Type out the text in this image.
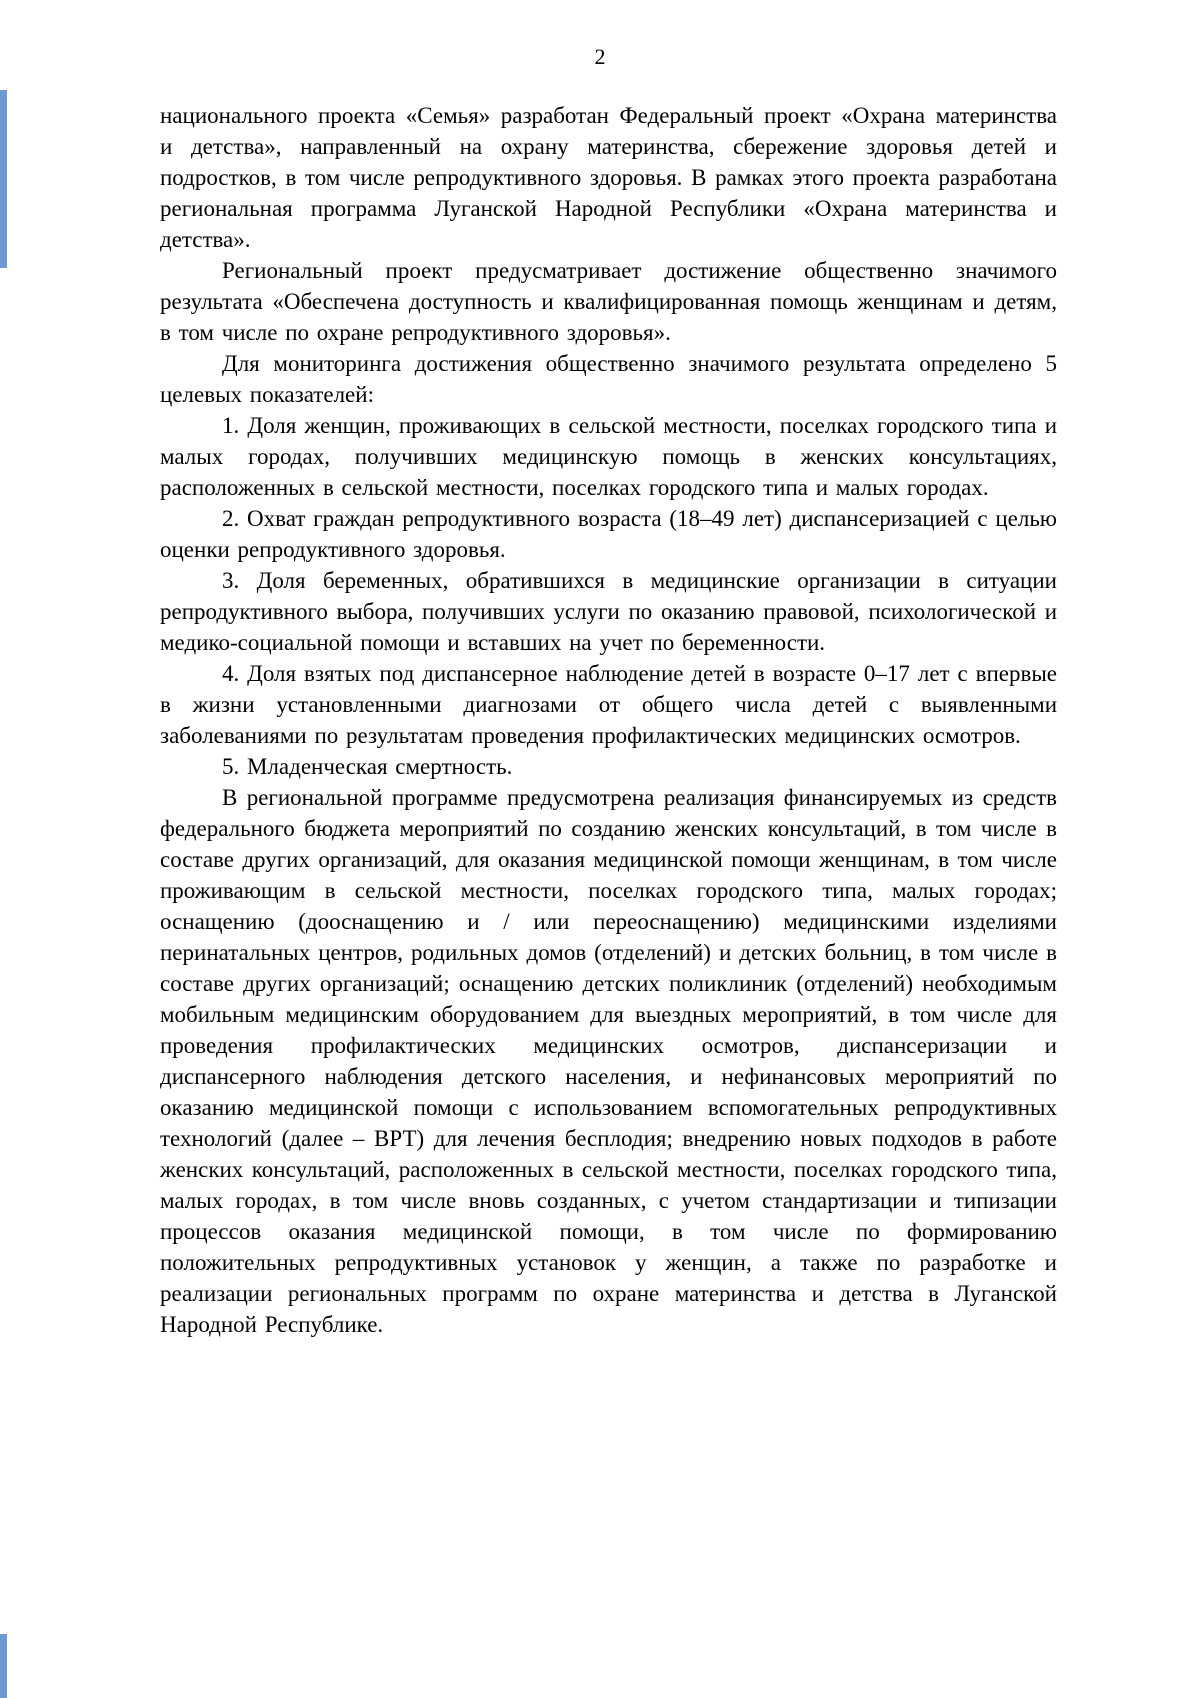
2

национального проекта «Семья» разработан Федеральный проект «Охрана материнства и детства», направленный на охрану материнства, сбережение здоровья детей и подростков, в том числе репродуктивного здоровья. В рамках этого проекта разработана региональная программа Луганской Народной Республики «Охрана материнства и детства».

Региональный проект предусматривает достижение общественно значимого результата «Обеспечена доступность и квалифицированная помощь женщинам и детям, в том числе по охране репродуктивного здоровья».

Для мониторинга достижения общественно значимого результата определено 5 целевых показателей:

1. Доля женщин, проживающих в сельской местности, поселках городского типа и малых городах, получивших медицинскую помощь в женских консультациях, расположенных в сельской местности, поселках городского типа и малых городах.

2. Охват граждан репродуктивного возраста (18–49 лет) диспансеризацией с целью оценки репродуктивного здоровья.

3. Доля беременных, обратившихся в медицинские организации в ситуации репродуктивного выбора, получивших услуги по оказанию правовой, психологической и медико-социальной помощи и вставших на учет по беременности.

4. Доля взятых под диспансерное наблюдение детей в возрасте 0–17 лет с впервые в жизни установленными диагнозами от общего числа детей с выявленными заболеваниями по результатам проведения профилактических медицинских осмотров.

5. Младенческая смертность.

В региональной программе предусмотрена реализация финансируемых из средств федерального бюджета мероприятий по созданию женских консультаций, в том числе в составе других организаций, для оказания медицинской помощи женщинам, в том числе проживающим в сельской местности, поселках городского типа, малых городах; оснащению (дооснащению и / или переоснащению) медицинскими изделиями перинатальных центров, родильных домов (отделений) и детских больниц, в том числе в составе других организаций; оснащению детских поликлиник (отделений) необходимым мобильным медицинским оборудованием для выездных мероприятий, в том числе для проведения профилактических медицинских осмотров, диспансеризации и диспансерного наблюдения детского населения, и нефинансовых мероприятий по оказанию медицинской помощи с использованием вспомогательных репродуктивных технологий (далее – ВРТ) для лечения бесплодия; внедрению новых подходов в работе женских консультаций, расположенных в сельской местности, поселках городского типа, малых городах, в том числе вновь созданных, с учетом стандартизации и типизации процессов оказания медицинской помощи, в том числе по формированию положительных репродуктивных установок у женщин, а также по разработке и реализации региональных программ по охране материнства и детства в Луганской Народной Республике.
